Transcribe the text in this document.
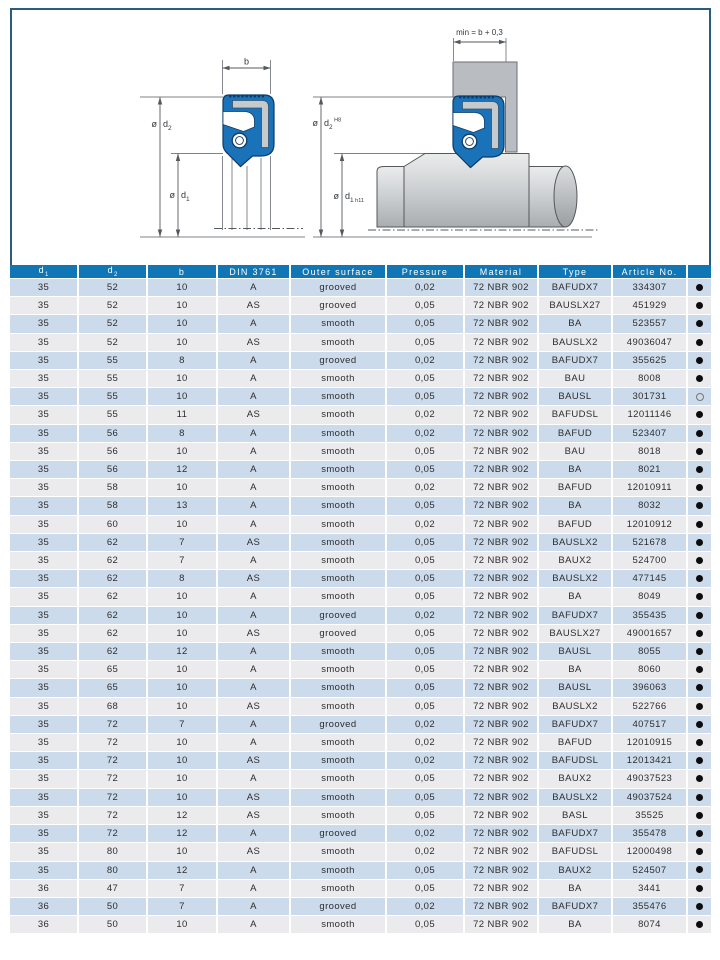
b
ø $d_2$
ø $d_1$
min = b + 0,3
ø $d_2^{H8}$
ø $d_1$ h11
$d_1$	$d_2$	b	DIN 3761	Outer surface	Pressure	Material	Type	Article No.	
35	52	10	A	grooved	0,02	72 NBR 902	BAFUDX7	334307	
35	52	10	AS	grooved	0,05	72 NBR 902	BAUSLX27	451929	
35	52	10	A	smooth	0,05	72 NBR 902	BA	523557	
35	52	10	AS	smooth	0,05	72 NBR 902	BAUSLX2	49036047	
35	55	8	A	grooved	0,02	72 NBR 902	BAFUDX7	355625	
35	55	10	A	smooth	0,05	72 NBR 902	BAU	8008	
35	55	10	A	smooth	0,05	72 NBR 902	BAUSL	301731	
35	55	11	AS	smooth	0,02	72 NBR 902	BAFUDSL	12011146	
35	56	8	A	smooth	0,02	72 NBR 902	BAFUD	523407	
35	56	10	A	smooth	0,05	72 NBR 902	BAU	8018	
35	56	12	A	smooth	0,05	72 NBR 902	BA	8021	
35	58	10	A	smooth	0,02	72 NBR 902	BAFUD	12010911	
35	58	13	A	smooth	0,05	72 NBR 902	BA	8032	
35	60	10	A	smooth	0,02	72 NBR 902	BAFUD	12010912	
35	62	7	AS	smooth	0,05	72 NBR 902	BAUSLX2	521678	
35	62	7	A	smooth	0,05	72 NBR 902	BAUX2	524700	
35	62	8	AS	smooth	0,05	72 NBR 902	BAUSLX2	477145	
35	62	10	A	smooth	0,05	72 NBR 902	BA	8049	
35	62	10	A	grooved	0,02	72 NBR 902	BAFUDX7	355435	
35	62	10	AS	grooved	0,05	72 NBR 902	BAUSLX27	49001657	
35	62	12	A	smooth	0,05	72 NBR 902	BAUSL	8055	
35	65	10	A	smooth	0,05	72 NBR 902	BA	8060	
35	65	10	A	smooth	0,05	72 NBR 902	BAUSL	396063	
35	68	10	AS	smooth	0,05	72 NBR 902	BAUSLX2	522766	
35	72	7	A	grooved	0,02	72 NBR 902	BAFUDX7	407517	
35	72	10	A	smooth	0,02	72 NBR 902	BAFUD	12010915	
35	72	10	AS	smooth	0,02	72 NBR 902	BAFUDSL	12013421	
35	72	10	A	smooth	0,05	72 NBR 902	BAUX2	49037523	
35	72	10	AS	smooth	0,05	72 NBR 902	BAUSLX2	49037524	
35	72	12	AS	smooth	0,05	72 NBR 902	BASL	35525	
35	72	12	A	grooved	0,02	72 NBR 902	BAFUDX7	355478	
35	80	10	AS	smooth	0,02	72 NBR 902	BAFUDSL	12000498	
35	80	12	A	smooth	0,05	72 NBR 902	BAUX2	524507	
36	47	7	A	smooth	0,05	72 NBR 902	BA	3441	
36	50	7	A	grooved	0,02	72 NBR 902	BAFUDX7	355476	
36	50	10	A	smooth	0,05	72 NBR 902	BA	8074	
